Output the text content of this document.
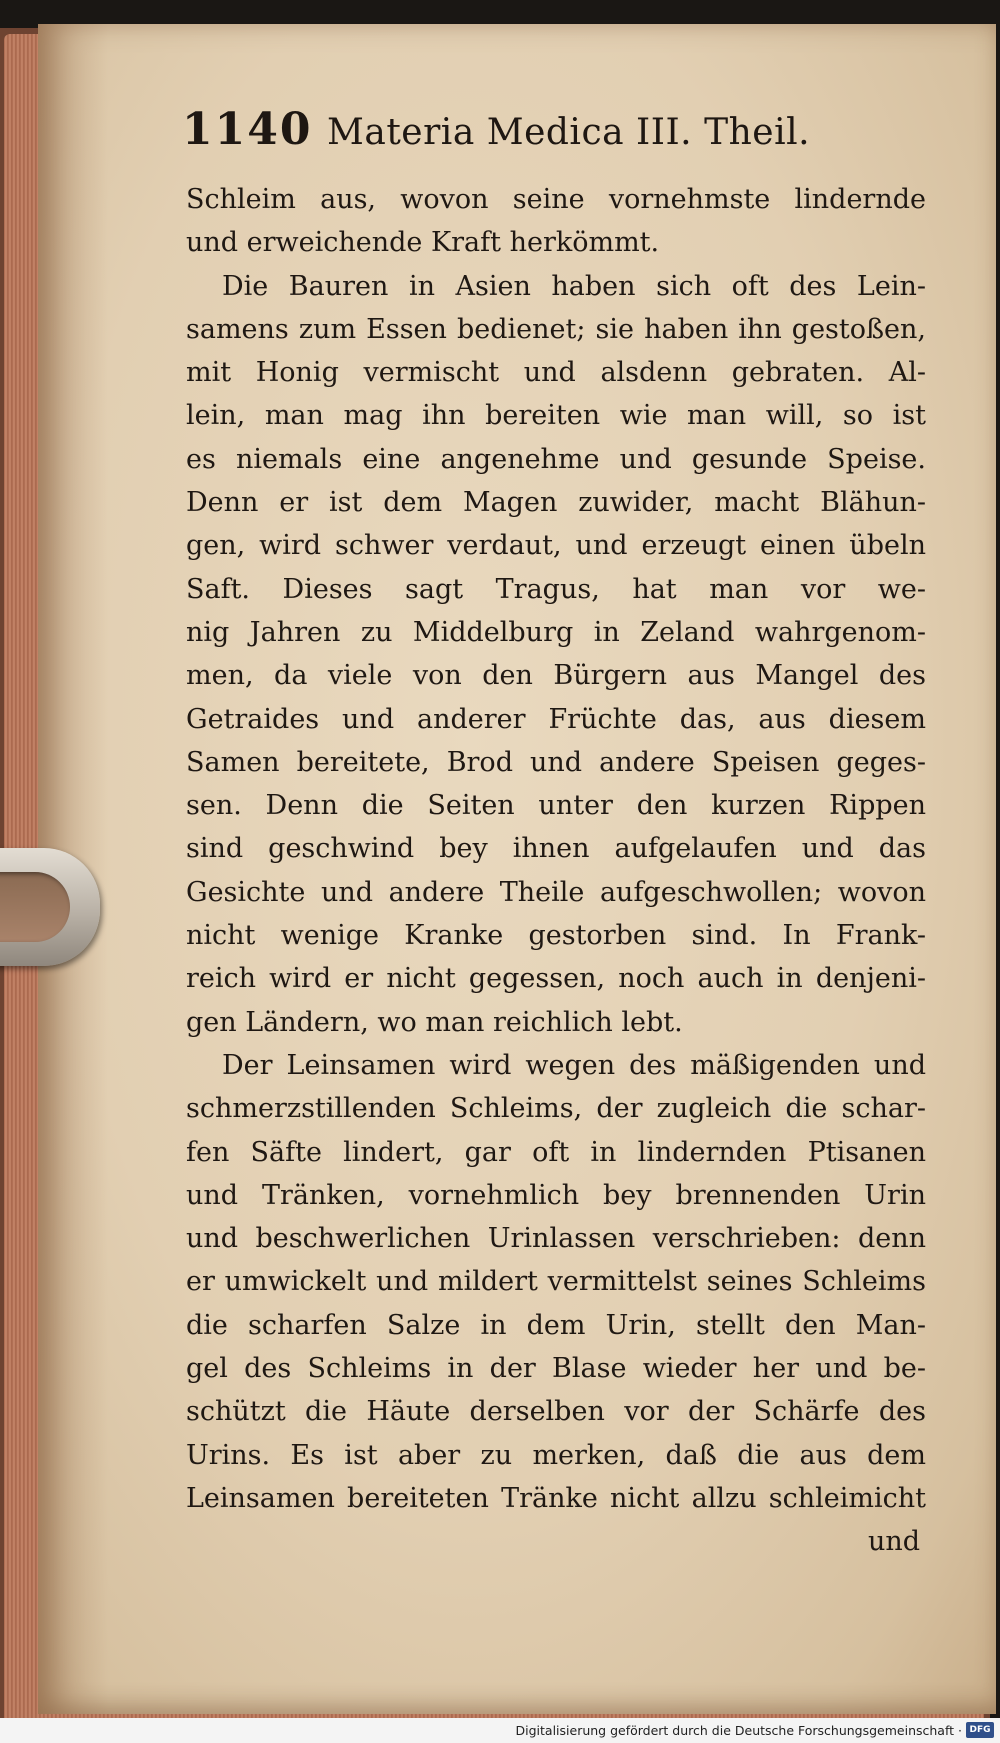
1140 Materia Medica III. Theil.
Schleim aus, wovon seine vornehmste lindernde
und erweichende Kraft herkömmt.
Die Bauren in Asien haben sich oft des Lein-
samens zum Essen bedienet; sie haben ihn gestoßen,
mit Honig vermischt und alsdenn gebraten. Al-
lein, man mag ihn bereiten wie man will, so ist
es niemals eine angenehme und gesunde Speise.
Denn er ist dem Magen zuwider, macht Blähun-
gen, wird schwer verdaut, und erzeugt einen übeln
Saft. Dieses sagt Tragus, hat man vor we-
nig Jahren zu Middelburg in Zeland wahrgenom-
men, da viele von den Bürgern aus Mangel des
Getraides und anderer Früchte das, aus diesem
Samen bereitete, Brod und andere Speisen geges-
sen. Denn die Seiten unter den kurzen Rippen
sind geschwind bey ihnen aufgelaufen und das
Gesichte und andere Theile aufgeschwollen; wovon
nicht wenige Kranke gestorben sind. In Frank-
reich wird er nicht gegessen, noch auch in denjeni-
gen Ländern, wo man reichlich lebt.
Der Leinsamen wird wegen des mäßigenden und
schmerzstillenden Schleims, der zugleich die schar-
fen Säfte lindert, gar oft in lindernden Ptisanen
und Tränken, vornehmlich bey brennenden Urin
und beschwerlichen Urinlassen verschrieben: denn
er umwickelt und mildert vermittelst seines Schleims
die scharfen Salze in dem Urin, stellt den Man-
gel des Schleims in der Blase wieder her und be-
schützt die Häute derselben vor der Schärfe des
Urins. Es ist aber zu merken, daß die aus dem
Leinsamen bereiteten Tränke nicht allzu schleimicht
und
Digitalisierung gefördert durch die Deutsche Forschungsgemeinschaft · DFG
